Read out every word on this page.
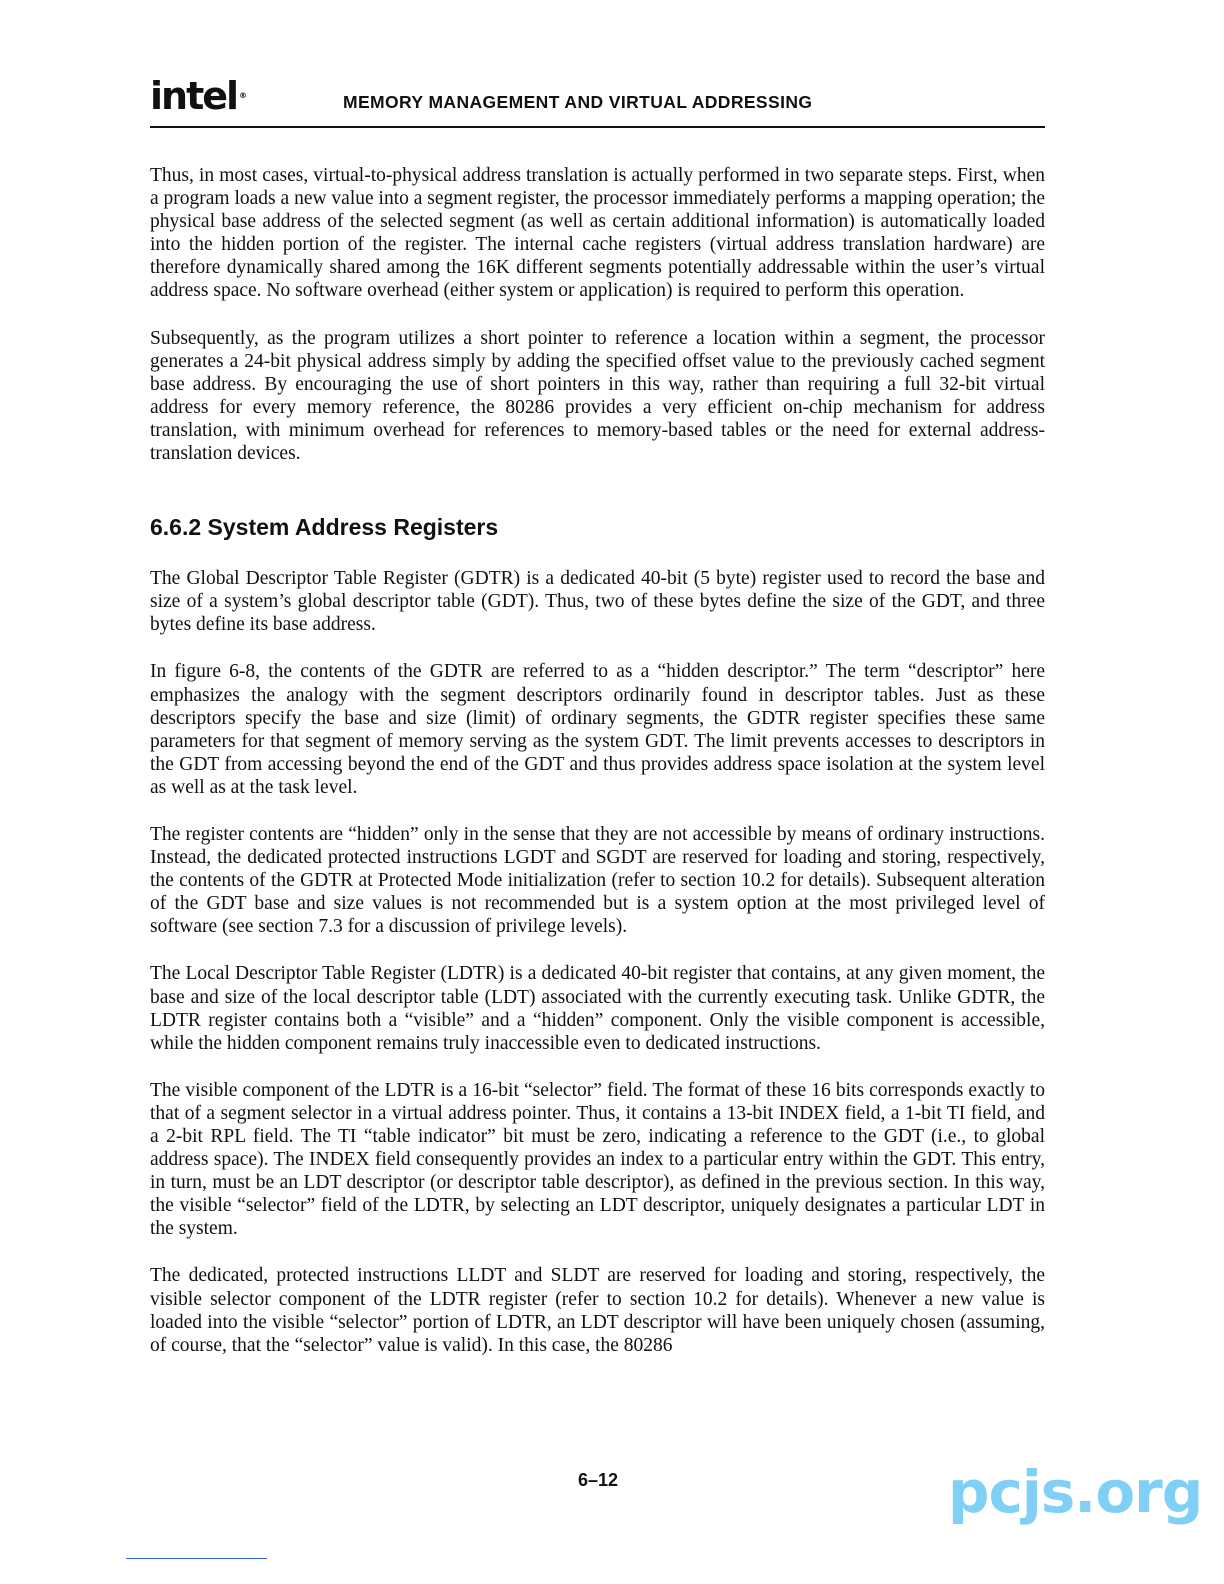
intel ®	MEMORY MANAGEMENT AND VIRTUAL ADDRESSING

Thus, in most cases, virtual-to-physical address translation is actually performed in two separate steps. First, when a program loads a new value into a segment register, the processor immediately performs a mapping operation; the physical base address of the selected segment (as well as certain additional information) is automatically loaded into the hidden portion of the register. The internal cache registers (virtual address translation hardware) are therefore dynamically shared among the 16K different segments potentially addressable within the user’s virtual address space. No software overhead (either system or application) is required to perform this operation.

Subsequently, as the program utilizes a short pointer to reference a location within a segment, the processor generates a 24-bit physical address simply by adding the specified offset value to the previously cached segment base address. By encouraging the use of short pointers in this way, rather than requiring a full 32-bit virtual address for every memory reference, the 80286 provides a very efficient on-chip mechanism for address translation, with minimum overhead for references to memory-based tables or the need for external address-translation devices.

6.6.2 System Address Registers

The Global Descriptor Table Register (GDTR) is a dedicated 40-bit (5 byte) register used to record the base and size of a system’s global descriptor table (GDT). Thus, two of these bytes define the size of the GDT, and three bytes define its base address.

In figure 6-8, the contents of the GDTR are referred to as a “hidden descriptor.” The term “descriptor” here emphasizes the analogy with the segment descriptors ordinarily found in descriptor tables. Just as these descriptors specify the base and size (limit) of ordinary segments, the GDTR register specifies these same parameters for that segment of memory serving as the system GDT. The limit prevents accesses to descriptors in the GDT from accessing beyond the end of the GDT and thus provides address space isolation at the system level as well as at the task level.

The register contents are “hidden” only in the sense that they are not accessible by means of ordinary instructions. Instead, the dedicated protected instructions LGDT and SGDT are reserved for loading and storing, respectively, the contents of the GDTR at Protected Mode initialization (refer to section 10.2 for details). Subsequent alteration of the GDT base and size values is not recommended but is a system option at the most privileged level of software (see section 7.3 for a discussion of privilege levels).

The Local Descriptor Table Register (LDTR) is a dedicated 40-bit register that contains, at any given moment, the base and size of the local descriptor table (LDT) associated with the currently executing task. Unlike GDTR, the LDTR register contains both a “visible” and a “hidden” component. Only the visible component is accessible, while the hidden component remains truly inaccessible even to dedicated instructions.

The visible component of the LDTR is a 16-bit “selector” field. The format of these 16 bits corresponds exactly to that of a segment selector in a virtual address pointer. Thus, it contains a 13-bit INDEX field, a 1-bit TI field, and a 2-bit RPL field. The TI “table indicator” bit must be zero, indicating a reference to the GDT (i.e., to global address space). The INDEX field consequently provides an index to a particular entry within the GDT. This entry, in turn, must be an LDT descriptor (or descriptor table descriptor), as defined in the previous section. In this way, the visible “selector” field of the LDTR, by selecting an LDT descriptor, uniquely designates a particular LDT in the system.

The dedicated, protected instructions LLDT and SLDT are reserved for loading and storing, respectively, the visible selector component of the LDTR register (refer to section 10.2 for details). Whenever a new value is loaded into the visible “selector” portion of LDTR, an LDT descriptor will have been uniquely chosen (assuming, of course, that the “selector” value is valid). In this case, the 80286

6–12	pcjs.org
